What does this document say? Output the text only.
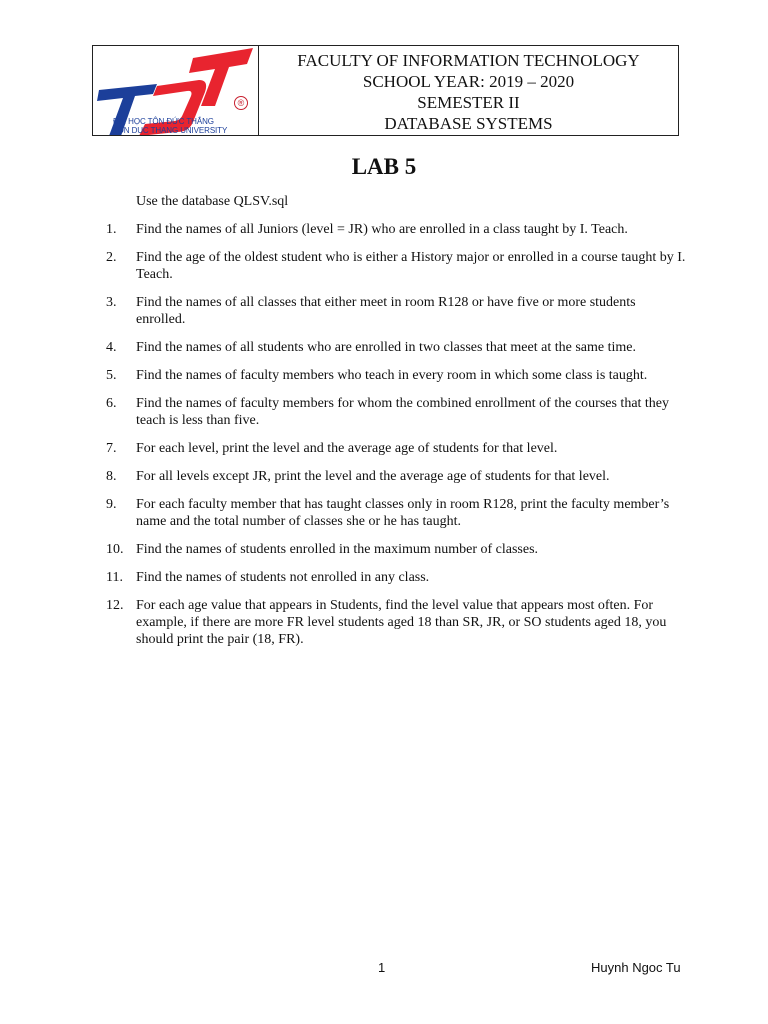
®
ĐẠI HỌC TÔN ĐỨC THẮNG
TON DUC THANG UNIVERSITY
FACULTY OF INFORMATION TECHNOLOGY
SCHOOL YEAR: 2019 – 2020
SEMESTER II
DATABASE SYSTEMS
LAB 5
Use the database QLSV.sql
1.	Find the names of all Juniors (level = JR) who are enrolled in a class taught by I. Teach.
2.	Find the age of the oldest student who is either a History major or enrolled in a course taught by I. Teach.
3.	Find the names of all classes that either meet in room R128 or have five or more students enrolled.
4.	Find the names of all students who are enrolled in two classes that meet at the same time.
5.	Find the names of faculty members who teach in every room in which some class is taught.
6.	Find the names of faculty members for whom the combined enrollment of the courses that they teach is less than five.
7.	For each level, print the level and the average age of students for that level.
8.	For all levels except JR, print the level and the average age of students for that level.
9.	For each faculty member that has taught classes only in room R128, print the faculty member’s name and the total number of classes she or he has taught.
10. Find the names of students enrolled in the maximum number of classes.
11. Find the names of students not enrolled in any class.
12. For each age value that appears in Students, find the level value that appears most often. For example, if there are more FR level students aged 18 than SR, JR, or SO students aged 18, you should print the pair (18, FR).
1	Huynh Ngoc Tu
